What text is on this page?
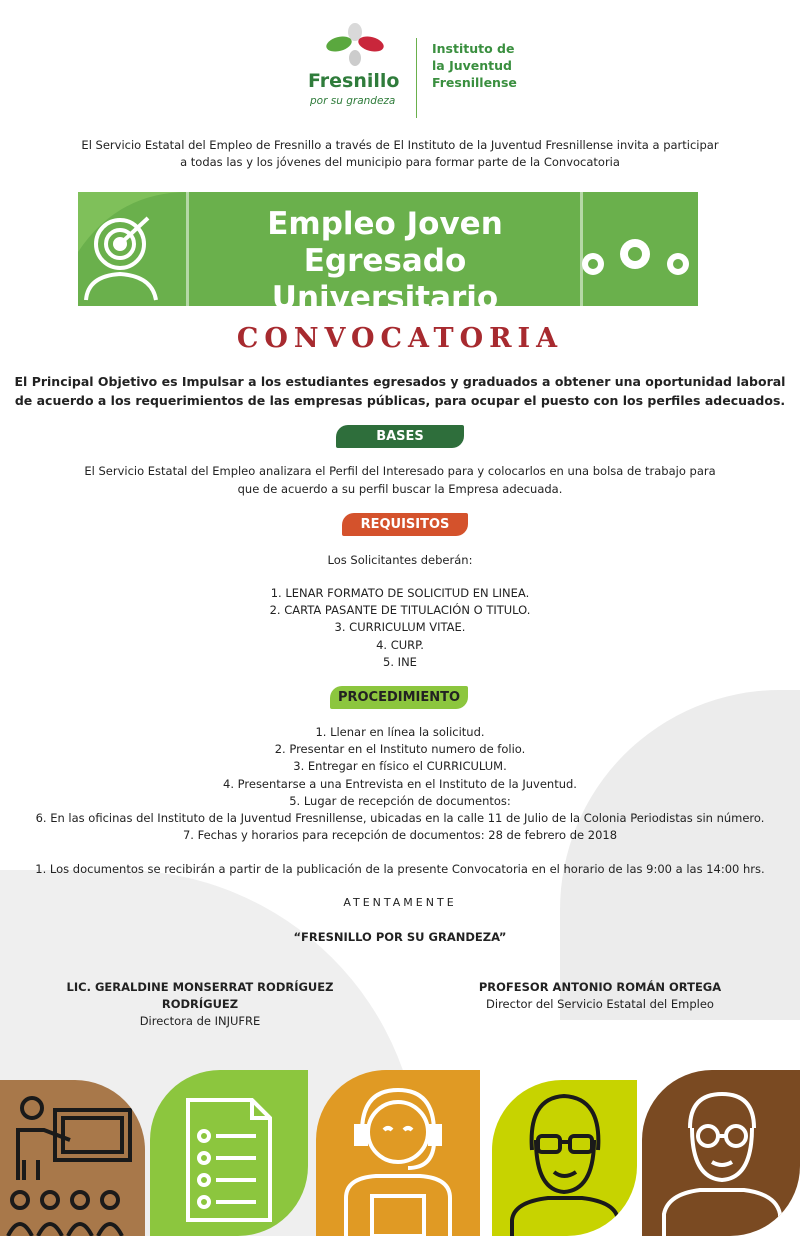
Fresnillo
por su grandeza
Instituto de
la Juventud
Fresnillense
El Servicio Estatal del Empleo de Fresnillo a través de El Instituto de la Juventud Fresnillense invita a participar
a todas las y los jóvenes del municipio para formar parte de la Convocatoria
Empleo Joven
Egresado Universitario
CONVOCATORIA
El Principal Objetivo es Impulsar a los estudiantes egresados y graduados a obtener una oportunidad laboral
de acuerdo a los requerimientos de las empresas públicas, para ocupar el puesto con los perfiles adecuados.
BASES
El Servicio Estatal del Empleo analizara el Perfil del Interesado para y colocarlos en una bolsa de trabajo para
que de acuerdo a su perfil buscar la Empresa adecuada.
REQUISITOS
Los Solicitantes deberán:
1. LENAR FORMATO DE SOLICITUD EN LINEA.
2. CARTA PASANTE DE TITULACIÓN O TITULO.
3. CURRICULUM VITAE.
4. CURP.
5. INE
PROCEDIMIENTO
1. Llenar en línea la solicitud.
2. Presentar en el Instituto numero de folio.
3. Entregar en físico el CURRICULUM.
4. Presentarse a una Entrevista en el Instituto de la Juventud.
5. Lugar de recepción de documentos:
6. En las oficinas del Instituto de la Juventud Fresnillense, ubicadas en la calle 11 de Julio de la Colonia Periodistas sin número.
7. Fechas y horarios para recepción de documentos: 28 de febrero de 2018
1. Los documentos se recibirán a partir de la publicación de la presente Convocatoria en el horario de las 9:00 a las 14:00 hrs.
ATENTAMENTE
“FRESNILLO POR SU GRANDEZA”
LIC. GERALDINE MONSERRAT RODRÍGUEZ RODRÍGUEZ
Directora de INJUFRE
PROFESOR ANTONIO ROMÁN ORTEGA
Director del Servicio Estatal del Empleo
